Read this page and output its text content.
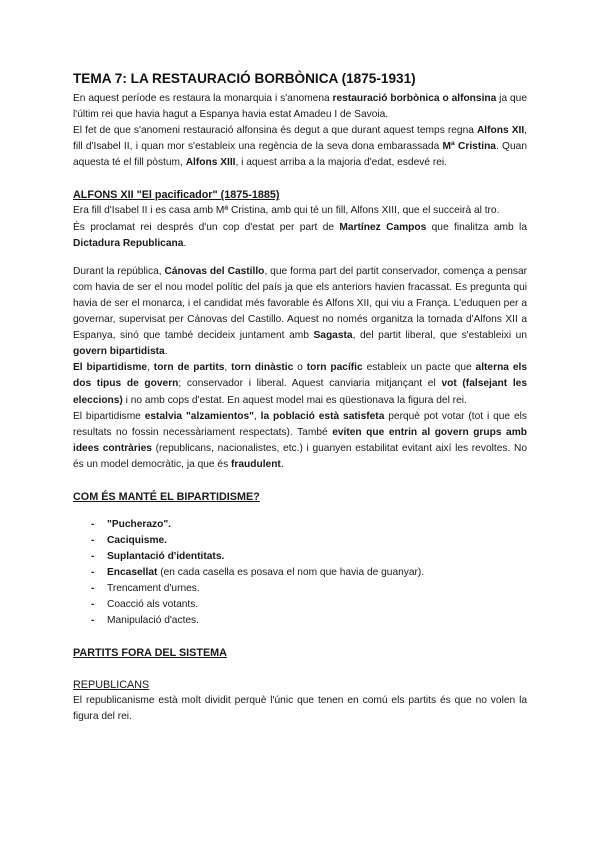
TEMA 7: LA RESTAURACIÓ BORBÒNICA (1875-1931)

En aquest període es restaura la monarquia i s'anomena restauració borbònica o alfonsina ja que l'últim rei que havia hagut a Espanya havia estat Amadeu I de Savoia.

El fet de que s'anomeni restauració alfonsina és degut a que durant aquest temps regna Alfons XII, fill d'Isabel II, i quan mor s'estableix una regència de la seva dona embarassada Mª Cristina. Quan aquesta té el fill pòstum, Alfons XIII, i aquest arriba a la majoria d'edat, esdevé rei.

ALFONS XII "El pacificador" (1875-1885)

Era fill d'Isabel II i es casa amb Mª Cristina, amb qui té un fill, Alfons XIII, que el succeirà al tro.

És proclamat rei després d'un cop d'estat per part de Martínez Campos que finalitza amb la Dictadura Republicana.

Durant la república, Cánovas del Castillo, que forma part del partit conservador, comença a pensar com havia de ser el nou model polític del país ja que els anteriors havien fracassat. Es pregunta qui havia de ser el monarca, i el candidat més favorable és Alfons XII, qui viu a França. L'eduquen per a governar, supervisat per Cánovas del Castillo. Aquest no només organitza la tornada d'Alfons XII a Espanya, sinó que també decideix juntament amb Sagasta, del partit liberal, que s'estableixi un govern bipartidista.

El bipartidisme, torn de partits, torn dinàstic o torn pacífic estableix un pacte que alterna els dos tipus de govern; conservador i liberal. Aquest canviaria mitjançant el vot (falsejant les eleccions) i no amb cops d'estat. En aquest model mai es qüestionava la figura del rei.

El bipartidisme estalvia "alzamientos", la població està satisfeta perquè pot votar (tot i que els resultats no fossin necessàriament respectats). També eviten que entrin al govern grups amb idees contràries (republicans, nacionalistes, etc.) i guanyen estabilitat evitant així les revoltes. No és un model democràtic, ja que és fraudulent.

COM ÉS MANTÉ EL BIPARTIDISME?
- "Pucherazo".
- Caciquisme.
- Suplantació d'identitats.
- Encasellat (en cada casella es posava el nom que havia de guanyar).
- Trencament d'urnes.
- Coacció als votants.
- Manipulació d'actes.
PARTITS FORA DEL SISTEMA
REPUBLICANS

El republicanisme està molt dividit perquè l'únic que tenen en comú els partits és que no volen la figura del rei.
